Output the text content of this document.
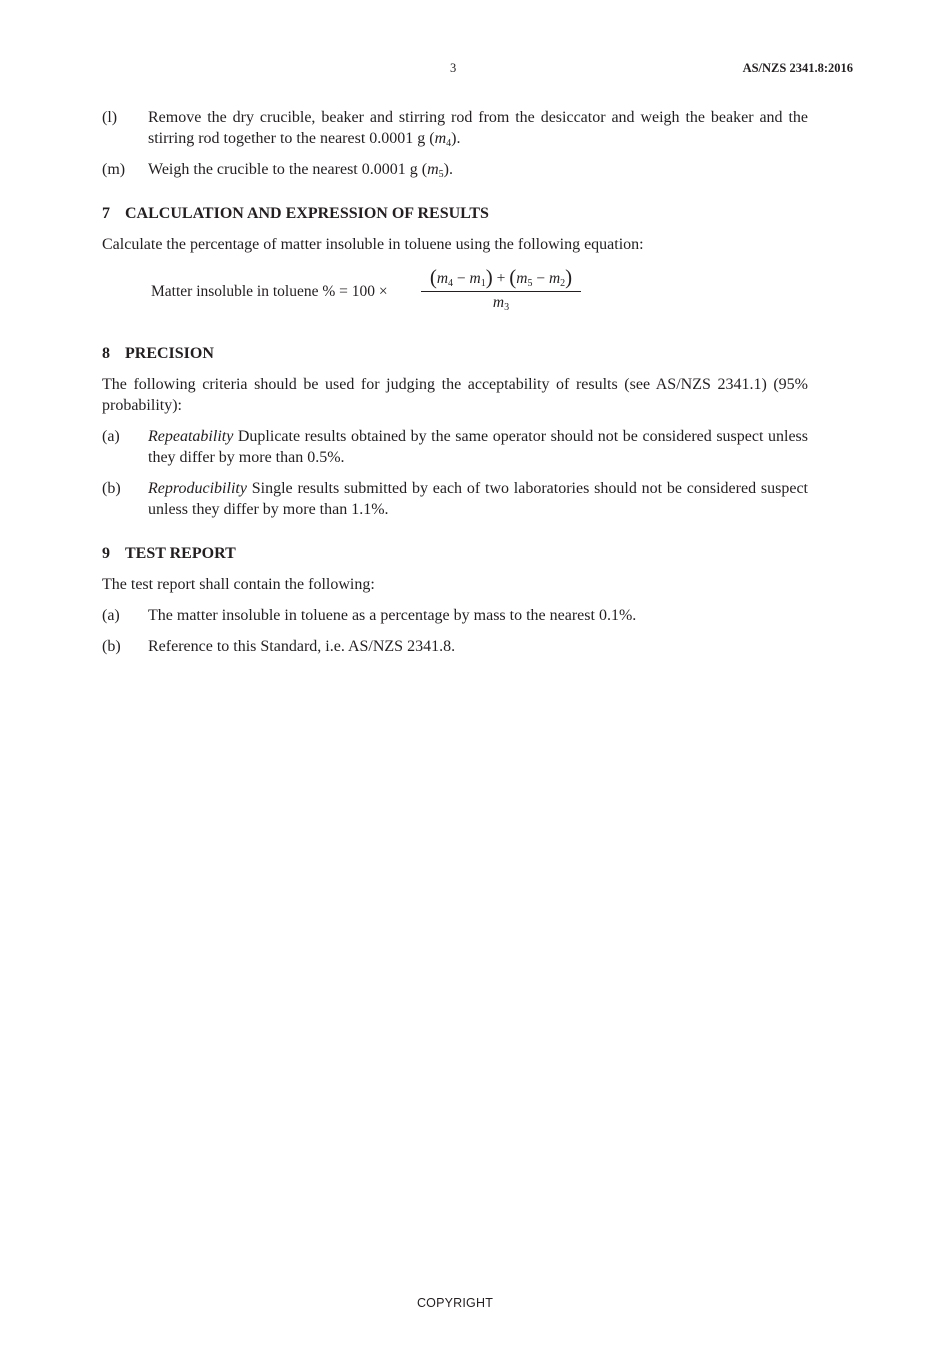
3	AS/NZS 2341.8:2016
(l) Remove the dry crucible, beaker and stirring rod from the desiccator and weigh the beaker and the stirring rod together to the nearest 0.0001 g $(m_4)$.
(m) Weigh the crucible to the nearest 0.0001 g $(m_5)$.
7 CALCULATION AND EXPRESSION OF RESULTS
Calculate the percentage of matter insoluble in toluene using the following equation:
Matter insoluble in toluene % = 100 ×
$(m_4 - m_1) + (m_5 - m_2)$
$m_3$
8 PRECISION
The following criteria should be used for judging the acceptability of results (see AS/NZS 2341.1) (95% probability):
(a) Repeatability Duplicate results obtained by the same operator should not be considered suspect unless they differ by more than 0.5%.
(b) Reproducibility Single results submitted by each of two laboratories should not be considered suspect unless they differ by more than 1.1%.
9 TEST REPORT
The test report shall contain the following:
(a) The matter insoluble in toluene as a percentage by mass to the nearest 0.1%.
(b) Reference to this Standard, i.e. AS/NZS 2341.8.
COPYRIGHT
